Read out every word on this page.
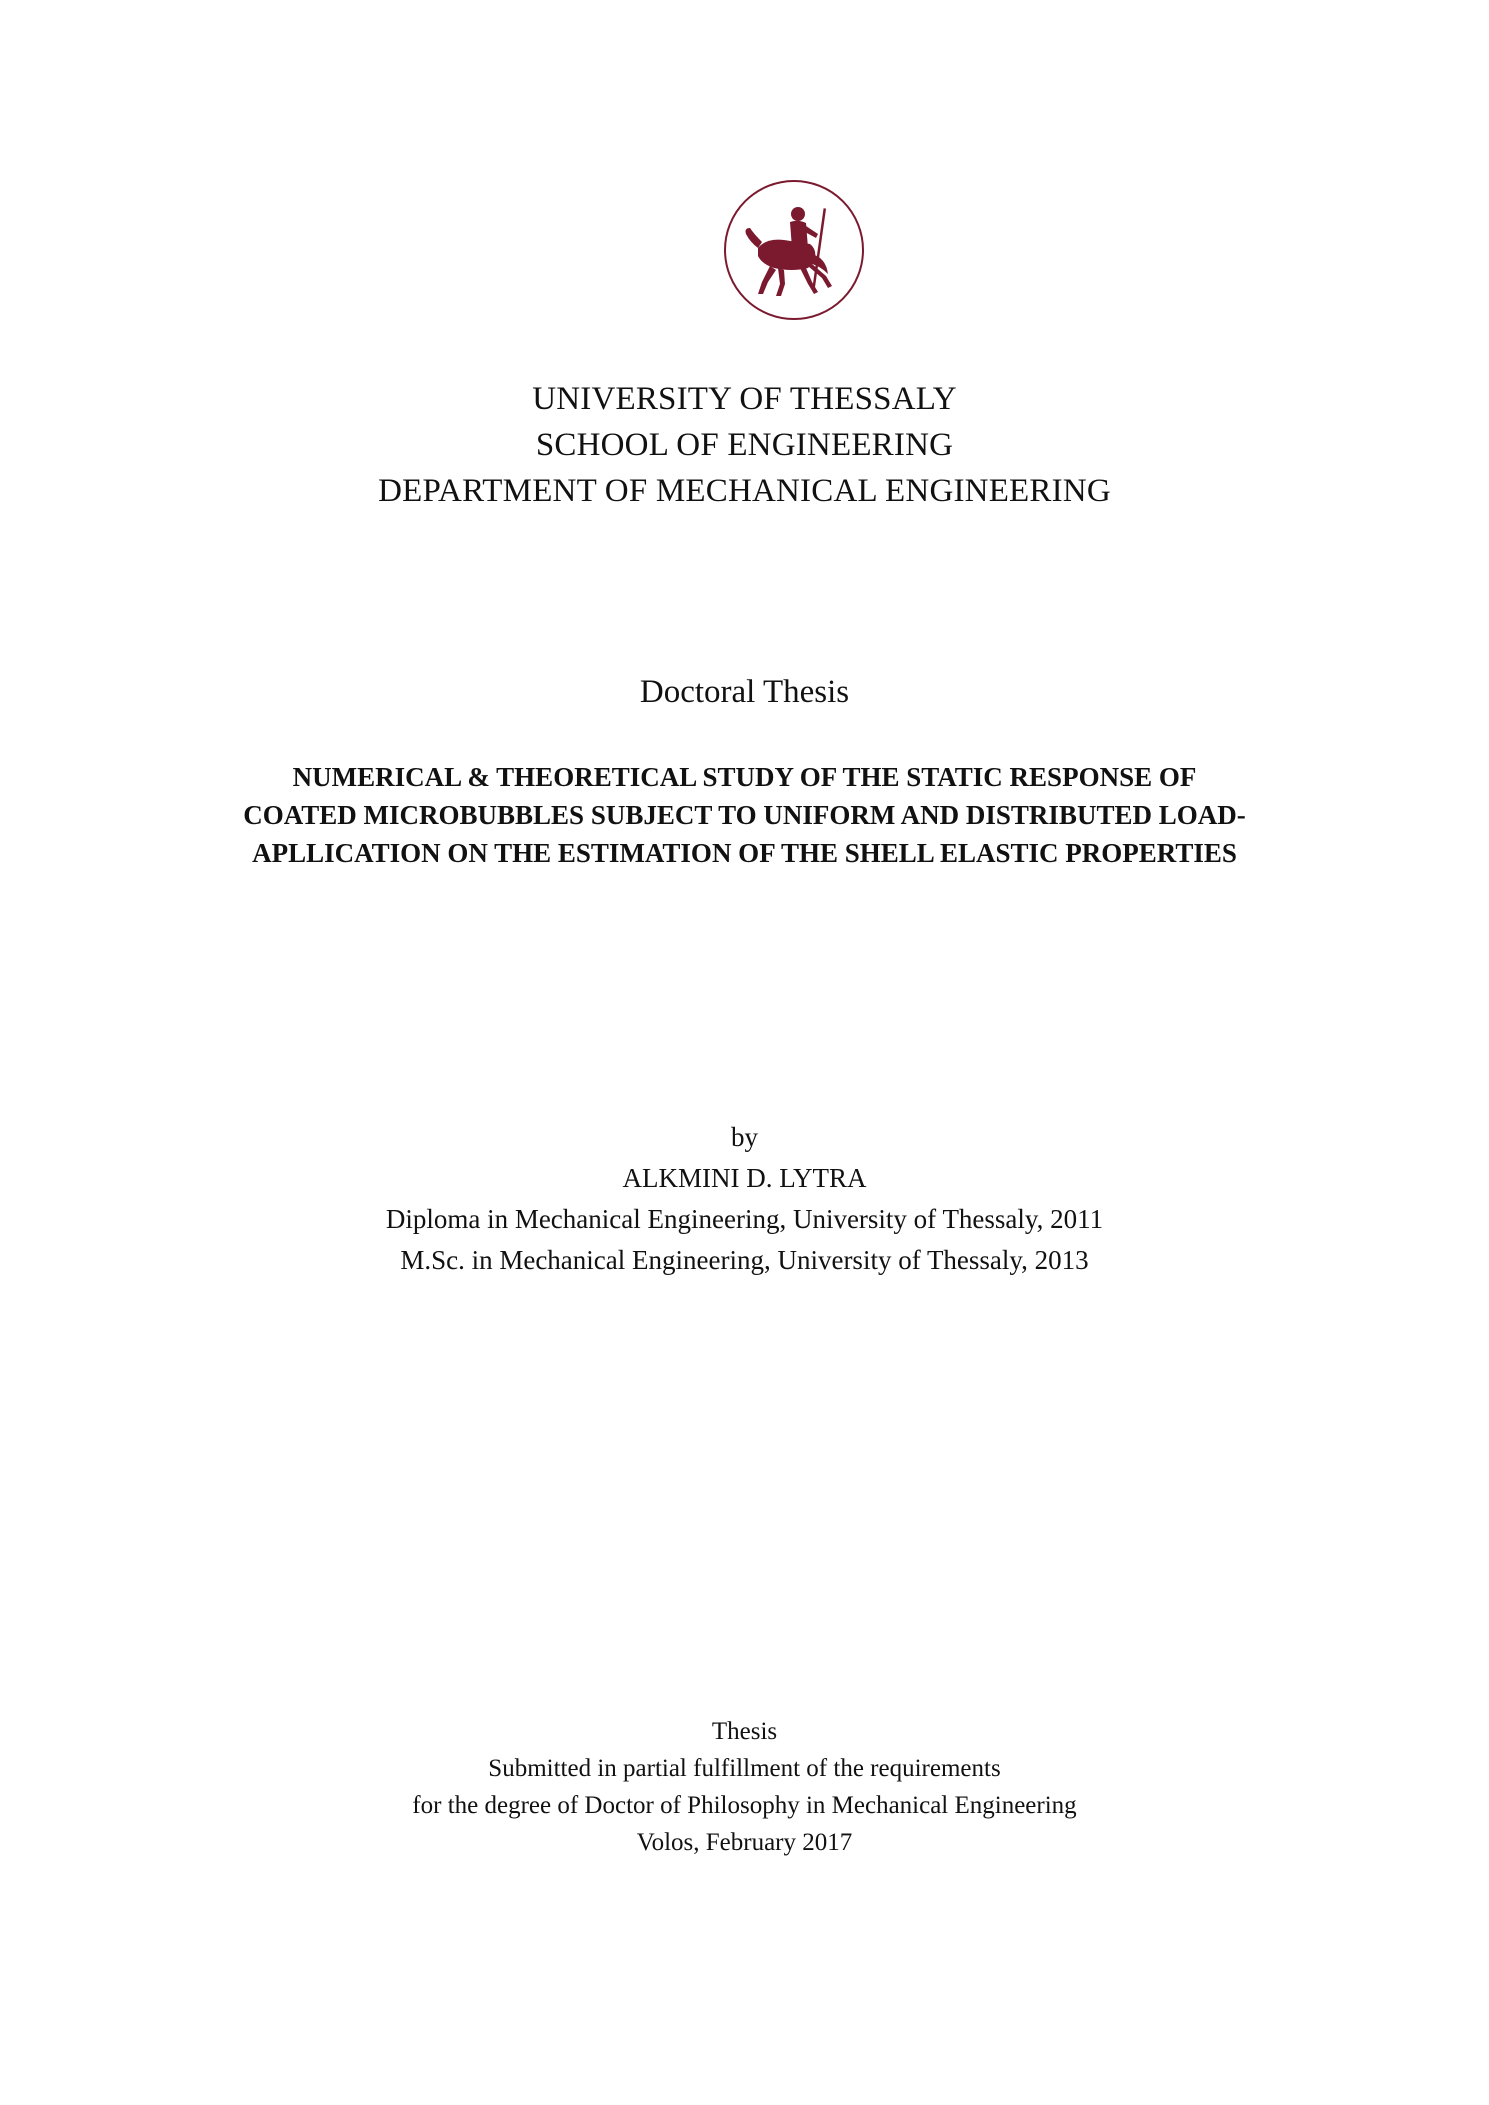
UNIVERSITY OF THESSALY
SCHOOL OF ENGINEERING
DEPARTMENT OF MECHANICAL ENGINEERING
Doctoral Thesis
NUMERICAL & THEORETICAL STUDY OF THE STATIC RESPONSE OF
COATED MICROBUBBLES SUBJECT TO UNIFORM AND DISTRIBUTED LOAD-
APLLICATION ON THE ESTIMATION OF THE SHELL ELASTIC PROPERTIES
by
ALKMINI D. LYTRA
Diploma in Mechanical Engineering, University of Thessaly, 2011
M.Sc. in Mechanical Engineering, University of Thessaly, 2013
Thesis
Submitted in partial fulfillment of the requirements
for the degree of Doctor of Philosophy in Mechanical Engineering
Volos, February 2017
